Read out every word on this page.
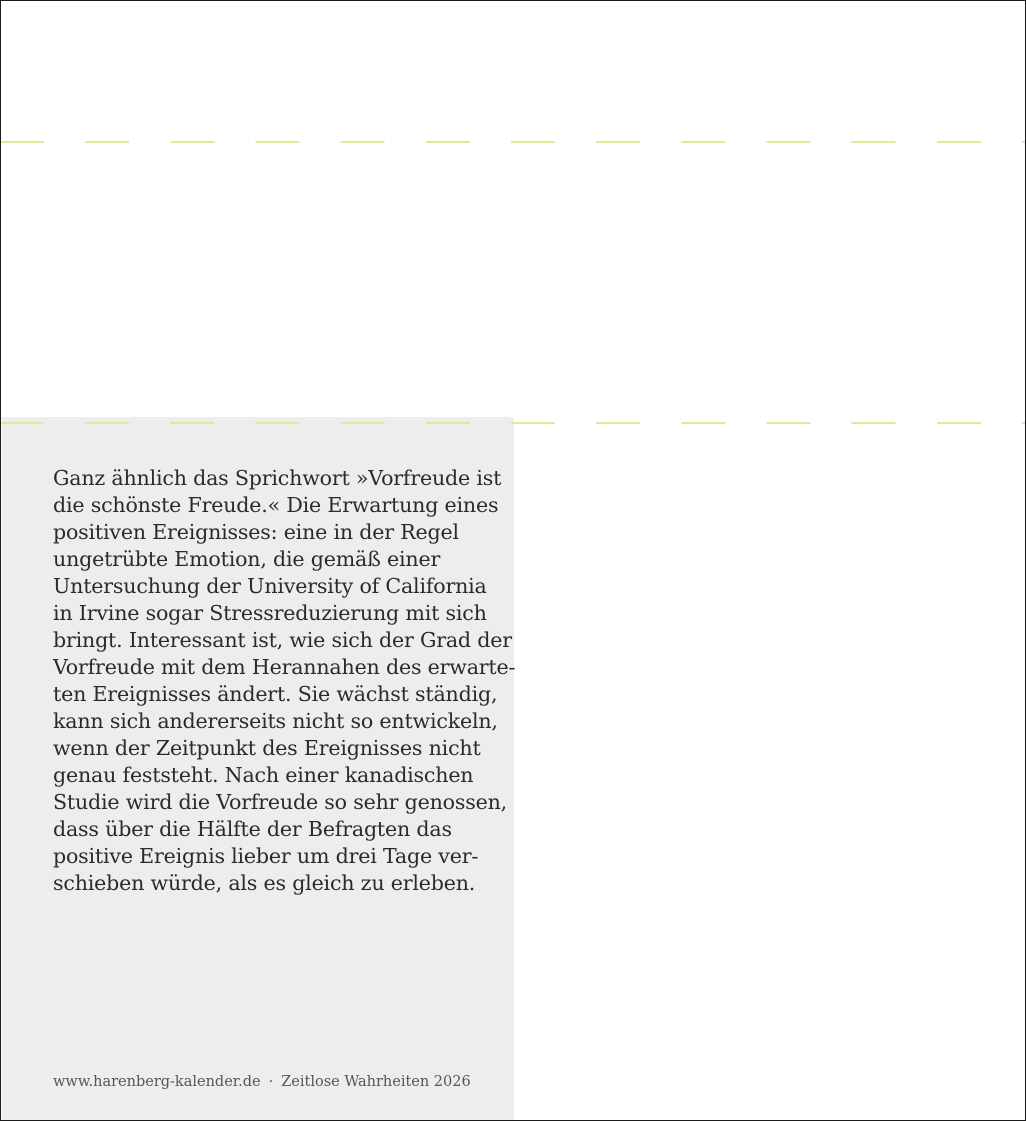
Ganz ähnlich das Sprichwort »Vorfreude ist
die schönste Freude.« Die Erwartung eines
positiven Ereignisses: eine in der Regel
ungetrübte Emotion, die gemäß einer
Untersuchung der University of California
in Irvine sogar Stressreduzierung mit sich
bringt. Interessant ist, wie sich der Grad der
Vorfreude mit dem Herannahen des erwarte-
ten Ereignisses ändert. Sie wächst ständig,
kann sich andererseits nicht so entwickeln,
wenn der Zeitpunkt des Ereignisses nicht
genau feststeht. Nach einer kanadischen
Studie wird die Vorfreude so sehr genossen,
dass über die Hälfte der Befragten das
positive Ereignis lieber um drei Tage ver-
schieben würde, als es gleich zu erleben.

www.harenberg-kalender.de · Zeitlose Wahrheiten 2026
